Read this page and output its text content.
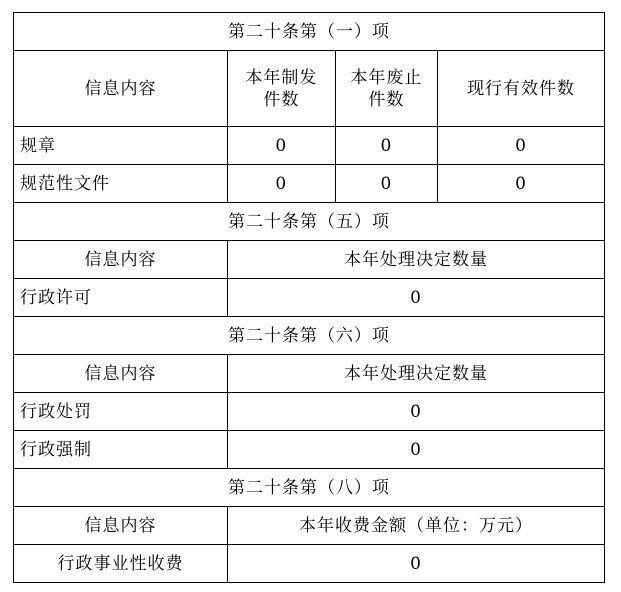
第二十条第（一）项			
信息内容	本年制发件数	本年废止件数	现行有效件数
规章	0	0	0
规范性文件	0	0	0
第二十条第（五）项			
信息内容	本年处理决定数量		
行政许可	0		
第二十条第（六）项			
信息内容	本年处理决定数量		
行政处罚	0		
行政强制	0		
第二十条第（八）项			
信息内容	本年收费金额（单位：万元）		
行政事业性收费	0		
